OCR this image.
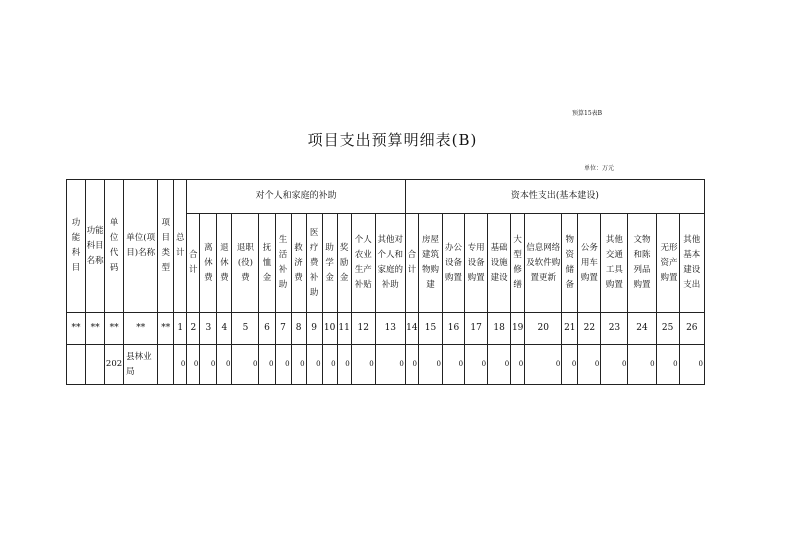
预算15表B
项目支出预算明细表(B)
单位：万元
功能科目	功能科目名称	单位代码	单位(项目)名称	项目类型	总计	对个人和家庭的补助												资本性支出(基本建设)												
						合计	离休费	退休费	退职(役)费	抚恤金	生活补助	救济费	医疗费补助	助学金	奖励金	个人农业生产补贴	其他对个人和家庭的补助	合计	房屋建筑物购建	办公设备购置	专用设备购置	基础设施建设	大型修缮	信息网络及软件购置更新	物资储备	公务用车购置	其他交通工具购置	文物和陈列品购置	无形资产购置	其他基本建设支出
**	**	**	**	**	1	2	3	4	5	6	7	8	9	10	11	12	13	14	15	16	17	18	19	20	21	22	23	24	25	26
		202	县林业局		0	0	0	0	0	0	0	0	0	0	0	0	0	0	0	0	0	0	0	0	0	0	0	0	0	0
